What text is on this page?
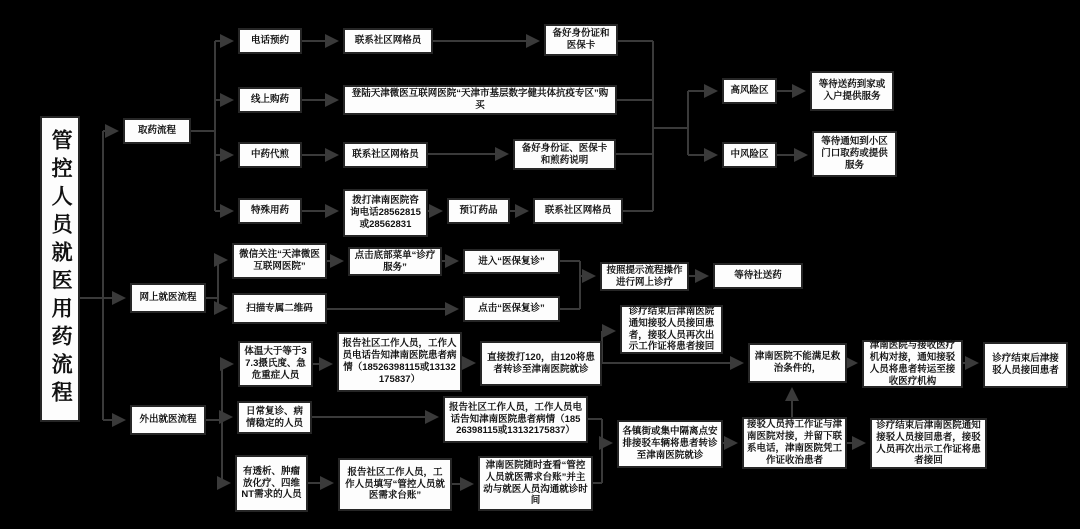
管控人员就医用药流程	取药流程
网上就医流程
外出就医流程
电话预约	联系社区网格员
备好身份证和医保卡
线上购药
登陆天津微医互联网医院“天津市基层数字健共体抗疫专区”购买
中药代煎	联系社区网格员
备好身份证、医保卡和煎药说明
特殊用药
拨打津南医院咨询电话28562815或28562831
预订药品	联系社区网格员
高风险区
等待送药到家或入户提供服务
中风险区
等待通知到小区门口取药或提供服务
微信关注“天津微医互联网医院”
点击底部菜单“诊疗服务”
进入“医保复诊”
扫描专属二维码	点击“医保复诊”
按照提示流程操作进行网上诊疗
等待社送药
体温大于等于37.3摄氏度、急危重症人员
报告社区工作人员，工作人员电话告知津南医院患者病情（18526398115或13132175837）
直接拨打120，由120将患者转诊至津南医院就诊
日常复诊、病情稳定的人员
报告社区工作人员，工作人员电话告知津南医院患者病情（18526398115或13132175837）
有透析、肿瘤放化疗、四维NT需求的人员
报告社区工作人员，工作人员填写“管控人员就医需求台账”
津南医院随时查看“管控人员就医需求台账”并主动与就医人员沟通就诊时间
诊疗结束后津南医院通知接驳人员接回患者，接驳人员再次出示工作证将患者接回
津南医院不能满足救治条件的，
津南医院与接收医疗机构对接，通知接驳人员将患者转运至接收医疗机构
诊疗结束后津接驳人员接回患者
各镇街或集中隔离点安排接驳车辆将患者转诊至津南医院就诊
接驳人员持工作证与津南医院对接，并留下联系电话，津南医院凭工作证收治患者
诊疗结束后津南医院通知接驳人员接回患者，接驳人员再次出示工作证将患者接回
